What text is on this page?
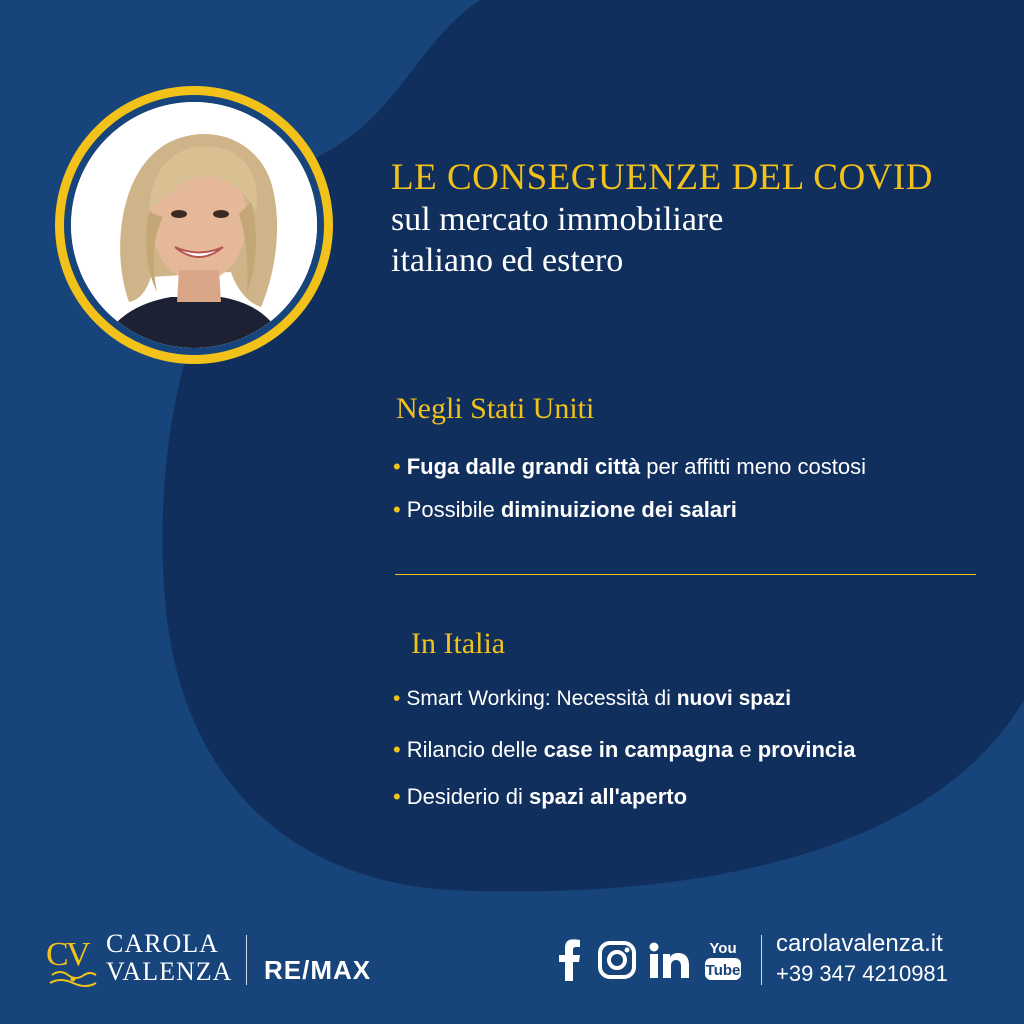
LE CONSEGUENZE DEL COVID
sul mercato immobiliare
italiano ed estero
Negli Stati Uniti
• Fuga dalle grandi città per affitti meno costosi
• Possibile diminuizione dei salari
In Italia
• Smart Working: Necessità di nuovi spazi
• Rilancio delle case in campagna e provincia
• Desiderio di spazi all'aperto
C
V CAROLA
VALENZA RE/MAX
You
Tube
carolavalenza.it
+39 347 4210981
